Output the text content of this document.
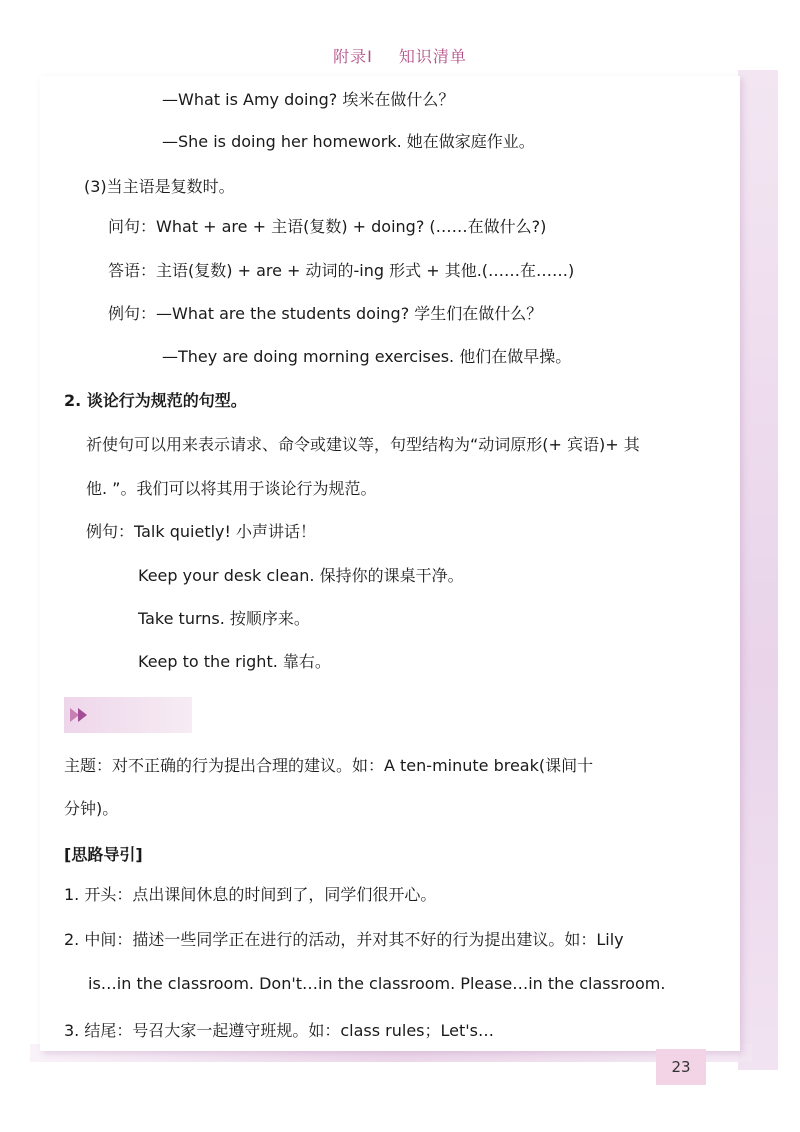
附录Ⅰ 知识清单
—What is Amy doing? 埃米在做什么？
—She is doing her homework. 她在做家庭作业。
(3)当主语是复数时。
问句：What + are + 主语(复数) + doing? (……在做什么?)
答语：主语(复数) + are + 动词的-ing 形式 + 其他.(……在……)
例句：—What are the students doing? 学生们在做什么？
—They are doing morning exercises. 他们在做早操。
2. 谈论行为规范的句型。
祈使句可以用来表示请求、命令或建议等，句型结构为“动词原形(+ 宾语)+ 其
他. ”。我们可以将其用于谈论行为规范。
例句：Talk quietly! 小声讲话！
Keep your desk clean. 保持你的课桌干净。
Take turns. 按顺序来。
Keep to the right. 靠右。
主题：对不正确的行为提出合理的建议。如：A ten-minute break(课间十
分钟)。
[思路导引]
1. 开头：点出课间休息的时间到了，同学们很开心。
2. 中间：描述一些同学正在进行的活动，并对其不好的行为提出建议。如：Lily
is…in the classroom. Don't…in the classroom. Please…in the classroom.
3. 结尾：号召大家一起遵守班规。如：class rules；Let's…
23
